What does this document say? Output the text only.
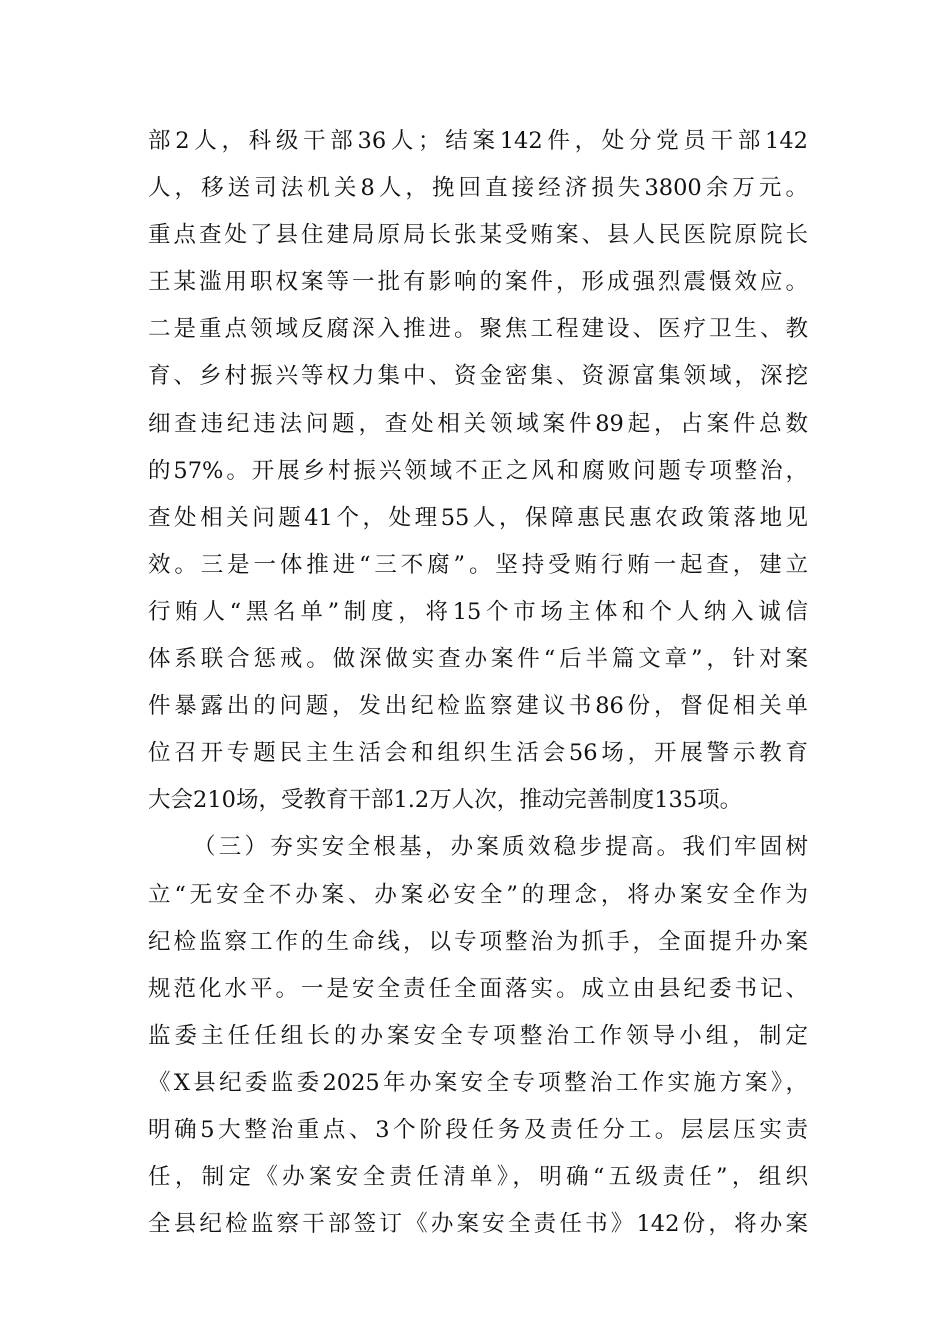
部2人，科级干部36人；结案142件，处分党员干部142
人，移送司法机关8人，挽回直接经济损失3800余万元。
重点查处了县住建局原局长张某受贿案、县人民医院原院长
王某滥用职权案等一批有影响的案件，形成强烈震慑效应。
二是重点领域反腐深入推进。聚焦工程建设、医疗卫生、教
育、乡村振兴等权力集中、资金密集、资源富集领域，深挖
细查违纪违法问题，查处相关领域案件89起，占案件总数
的57%。开展乡村振兴领域不正之风和腐败问题专项整治，
查处相关问题41个，处理55人，保障惠民惠农政策落地见
效。三是一体推进“三不腐”。坚持受贿行贿一起查，建立
行贿人“黑名单”制度，将15个市场主体和个人纳入诚信
体系联合惩戒。做深做实查办案件“后半篇文章”，针对案
件暴露出的问题，发出纪检监察建议书86份，督促相关单
位召开专题民主生活会和组织生活会56场，开展警示教育
大会210场，受教育干部1.2万人次，推动完善制度135项。
（三）夯实安全根基，办案质效稳步提高。我们牢固树
立“无安全不办案、办案必安全”的理念，将办案安全作为
纪检监察工作的生命线，以专项整治为抓手，全面提升办案
规范化水平。一是安全责任全面落实。成立由县纪委书记、
监委主任任组长的办案安全专项整治工作领导小组，制定
《X县纪委监委2025年办案安全专项整治工作实施方案》，
明确5大整治重点、3个阶段任务及责任分工。层层压实责
任，制定《办案安全责任清单》，明确“五级责任”，组织
全县纪检监察干部签订《办案安全责任书》142份，将办案
